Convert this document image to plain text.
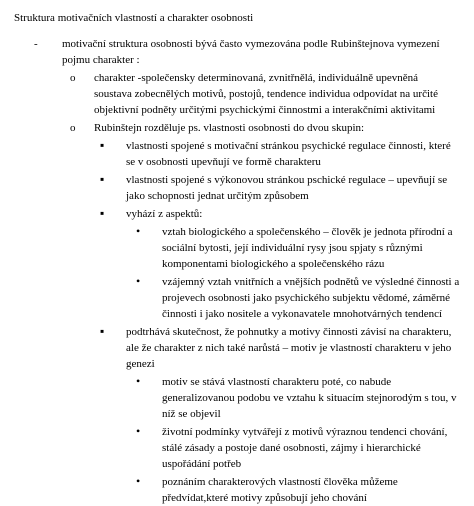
Struktura motivačních vlastností a charakter osobnosti
-	motivační struktura osobnosti bývá často vymezována podle Rubinštejnova vymezení pojmu charakter :
o	charakter -společensky determinovaná, zvnitřnělá, individuálně upevněná soustava zobecnělých motivů, postojů, tendence individua odpovídat na určité objektivní podněty určitými psychickými činnostmi a interakčními aktivitami
o	Rubinštejn rozděluje ps. vlastnosti osobnosti do dvou skupin:
▪	vlastnosti spojené s motivační stránkou psychické regulace činnosti, které se v osobnosti upevňují ve formě charakteru
▪	vlastnosti spojené s výkonovou stránkou pschické regulace – upevňují se jako schopnosti jednat určitým způsobem
▪	vyhází z aspektů:
•	vztah biologického a společenského – člověk je jednota přírodní a sociální bytosti, její individuální rysy jsou spjaty s různými komponentami biologického a společenského rázu
•	vzájemný vztah vnitřních a vnějších podnětů ve výsledné činnosti a projevech osobnosti jako psychického subjektu vědomé, záměrné činnosti i jako nositele a vykonavatele mnohotvárných tendencí
▪	podtrhává skutečnost, že pohnutky a motivy činnosti závisí na charakteru, ale že charakter z nich také narůstá – motiv je vlastností charakteru v jeho genezi
•	motiv se stává vlastností charakteru poté, co nabude generalizovanou podobu ve vztahu k situacím stejnorodým s tou, v níž se objevil
•	životní podmínky vytvářejí z motivů výraznou tendenci chování, stálé zásady a postoje dané osobnosti, zájmy i hierarchické uspořádání potřeb
•	poznáním charakterových vlastností člověka můžeme předvídat,které motivy způsobují jeho chování
